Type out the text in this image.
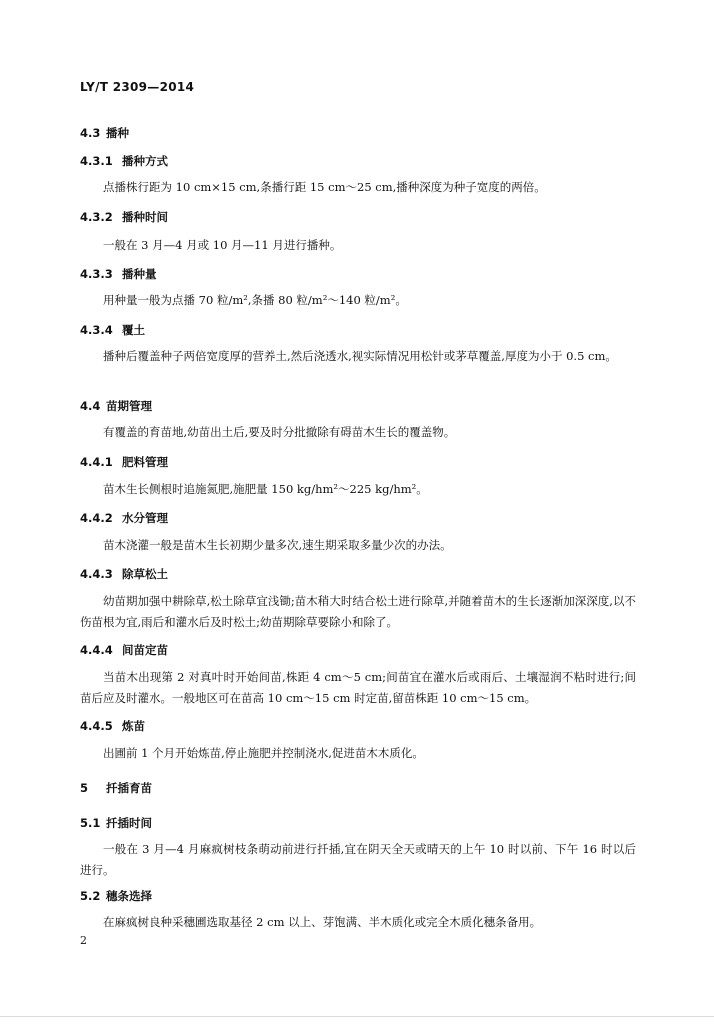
LY/T 2309—2014
4.3 播种
4.3.1 播种方式
点播株行距为 10 cm×15 cm,条播行距 15 cm～25 cm,播种深度为种子宽度的两倍。
4.3.2 播种时间
一般在 3 月—4 月或 10 月—11 月进行播种。
4.3.3 播种量
用种量一般为点播 70 粒/m²,条播 80 粒/m²～140 粒/m²。
4.3.4 覆土
播种后覆盖种子两倍宽度厚的营养土,然后浇透水,视实际情况用松针或茅草覆盖,厚度为小于 0.5 cm。
4.4 苗期管理
有覆盖的育苗地,幼苗出土后,要及时分批撤除有碍苗木生长的覆盖物。
4.4.1 肥料管理
苗木生长侧根时追施氮肥,施肥量 150 kg/hm²～225 kg/hm²。
4.4.2 水分管理
苗木浇灌一般是苗木生长初期少量多次,速生期采取多量少次的办法。
4.4.3 除草松土
幼苗期加强中耕除草,松土除草宜浅锄;苗木稍大时结合松土进行除草,并随着苗木的生长逐渐加深深度,以不伤苗根为宜,雨后和灌水后及时松土;幼苗期除草要除小和除了。
4.4.4 间苗定苗
当苗木出现第 2 对真叶时开始间苗,株距 4 cm～5 cm;间苗宜在灌水后或雨后、土壤湿润不粘时进行;间苗后应及时灌水。一般地区可在苗高 10 cm～15 cm 时定苗,留苗株距 10 cm～15 cm。
4.4.5 炼苗
出圃前 1 个月开始炼苗,停止施肥并控制浇水,促进苗木木质化。
5 扦插育苗
5.1 扦插时间
一般在 3 月—4 月麻疯树枝条萌动前进行扦插,宜在阴天全天或晴天的上午 10 时以前、下午 16 时以后进行。
5.2 穗条选择
在麻疯树良种采穗圃选取基径 2 cm 以上、芽饱满、半木质化或完全木质化穗条备用。
2
